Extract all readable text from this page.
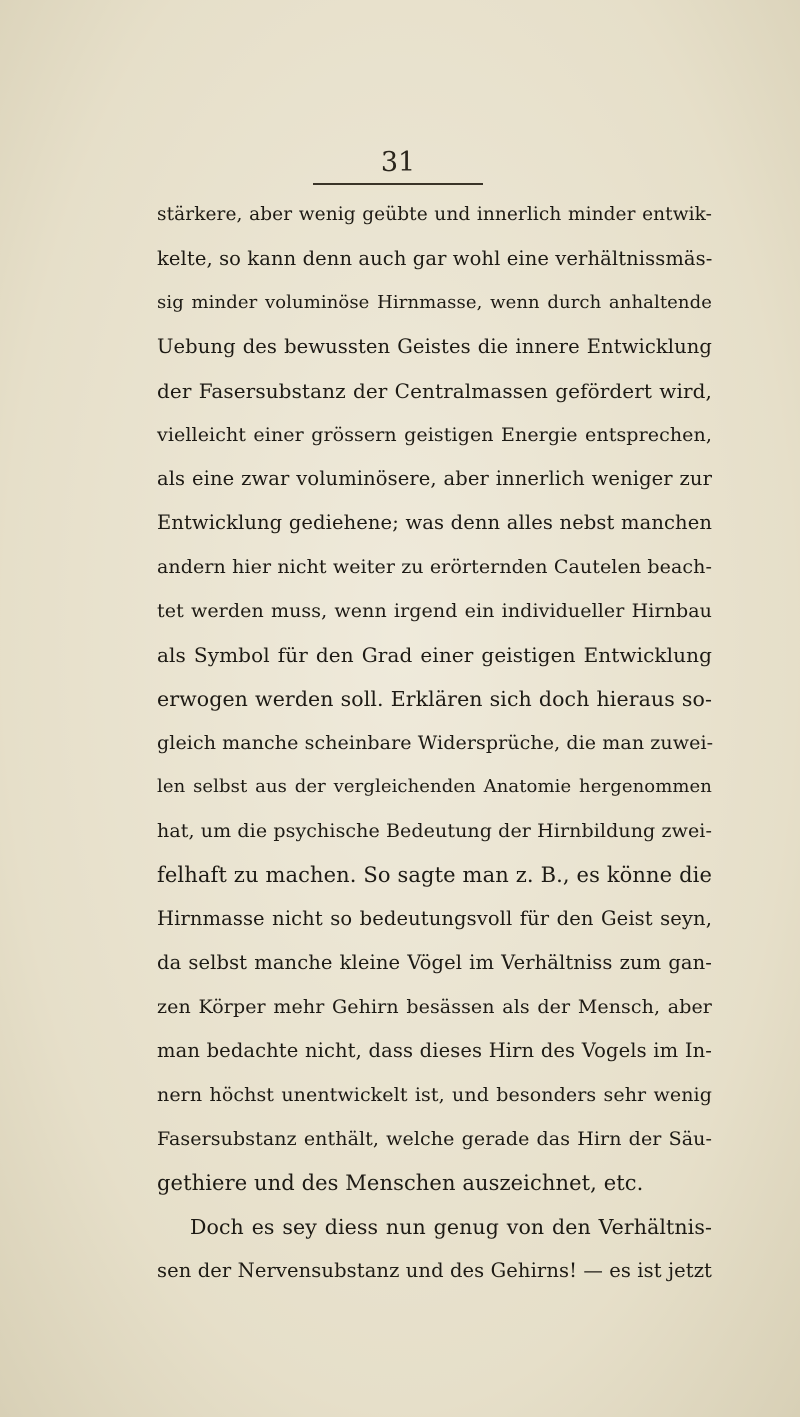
31
stärkere, aber wenig geübte und innerlich minder entwik-
kelte, so kann denn auch gar wohl eine verhältnissmäs-
sig minder voluminöse Hirnmasse, wenn durch anhaltende
Uebung des bewussten Geistes die innere Entwicklung
der Fasersubstanz der Centralmassen gefördert wird,
vielleicht einer grössern geistigen Energie entsprechen,
als eine zwar voluminösere, aber innerlich weniger zur
Entwicklung gediehene; was denn alles nebst manchen
andern hier nicht weiter zu erörternden Cautelen beach-
tet werden muss, wenn irgend ein individueller Hirnbau
als Symbol für den Grad einer geistigen Entwicklung
erwogen werden soll. Erklären sich doch hieraus so-
gleich manche scheinbare Widersprüche, die man zuwei-
len selbst aus der vergleichenden Anatomie hergenommen
hat, um die psychische Bedeutung der Hirnbildung zwei-
felhaft zu machen. So sagte man z. B., es könne die
Hirnmasse nicht so bedeutungsvoll für den Geist seyn,
da selbst manche kleine Vögel im Verhältniss zum gan-
zen Körper mehr Gehirn besässen als der Mensch, aber
man bedachte nicht, dass dieses Hirn des Vogels im In-
nern höchst unentwickelt ist, und besonders sehr wenig
Fasersubstanz enthält, welche gerade das Hirn der Säu-
gethiere und des Menschen auszeichnet, etc.
Doch es sey diess nun genug von den Verhältnis-
sen der Nervensubstanz und des Gehirns! — es ist jetzt
